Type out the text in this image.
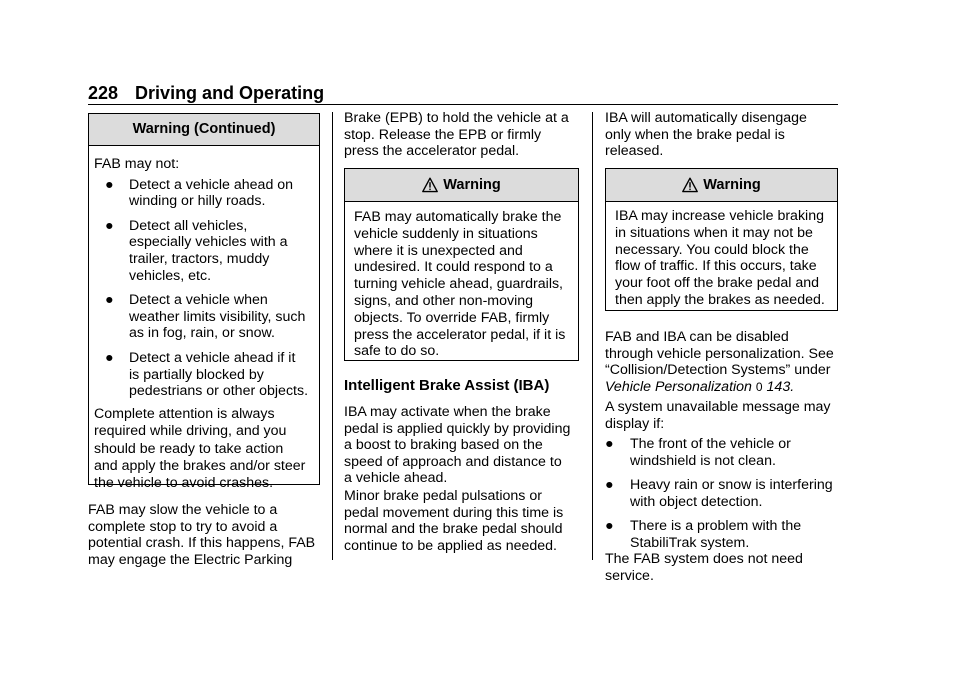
228 Driving and Operating
Warning (Continued)

FAB may not:

● Detect a vehicle ahead on

winding or hilly roads.

● Detect all vehicles,

especially vehicles with a

trailer, tractors, muddy

vehicles, etc.

● Detect a vehicle when

weather limits visibility, such

as in fog, rain, or snow.

● Detect a vehicle ahead if it

is partially blocked by

pedestrians or other objects.

Complete attention is always

required while driving, and you

should be ready to take action

and apply the brakes and/or steer

the vehicle to avoid crashes.

FAB may slow the vehicle to a

complete stop to try to avoid a

potential crash. If this happens, FAB

may engage the Electric Parking

Brake (EPB) to hold the vehicle at a

stop. Release the EPB or firmly

press the accelerator pedal.

Warning

FAB may automatically brake the

vehicle suddenly in situations

where it is unexpected and

undesired. It could respond to a

turning vehicle ahead, guardrails,

signs, and other non-moving

objects. To override FAB, firmly

press the accelerator pedal, if it is

safe to do so.

Intelligent Brake Assist (IBA)

IBA may activate when the brake

pedal is applied quickly by providing

a boost to braking based on the

speed of approach and distance to

a vehicle ahead.

Minor brake pedal pulsations or

pedal movement during this time is

normal and the brake pedal should

continue to be applied as needed.

IBA will automatically disengage

only when the brake pedal is

released.

Warning

IBA may increase vehicle braking

in situations when it may not be

necessary. You could block the

flow of traffic. If this occurs, take

your foot off the brake pedal and

then apply the brakes as needed.

FAB and IBA can be disabled

through vehicle personalization. See

“Collision/Detection Systems” under

Vehicle Personalization 0 143.

A system unavailable message may

display if:

● The front of the vehicle or

windshield is not clean.

● Heavy rain or snow is interfering

with object detection.

● There is a problem with the

StabiliTrak system.

The FAB system does not need

service.
